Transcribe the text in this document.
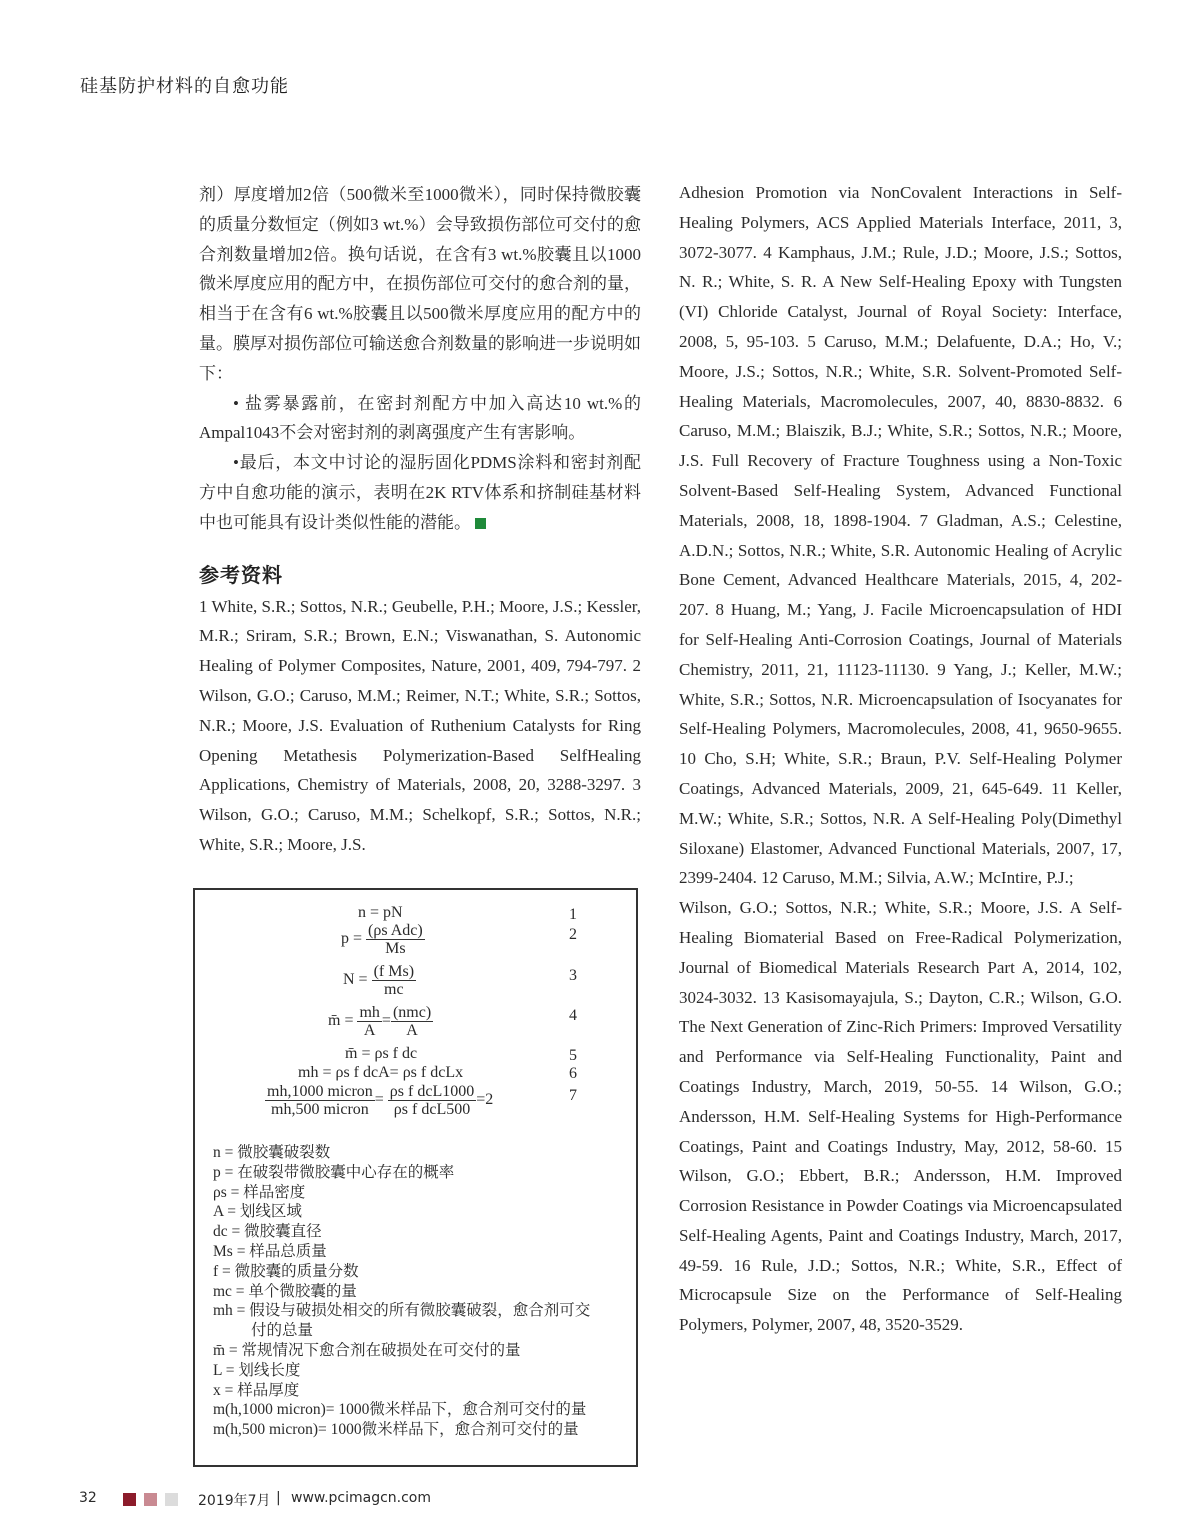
硅基防护材料的自愈功能

剂）厚度增加2倍（500微米至1000微米），同时保持微胶囊的质量分数恒定（例如3 wt.%）会导致损伤部位可交付的愈合剂数量增加2倍。换句话说，在含有3 wt.%胶囊且以1000微米厚度应用的配方中，在损伤部位可交付的愈合剂的量，相当于在含有6 wt.%胶囊且以500微米厚度应用的配方中的量。膜厚对损伤部位可输送愈合剂数量的影响进一步说明如下：

• 盐雾暴露前，在密封剂配方中加入高达10 wt.%的Ampal1043不会对密封剂的剥离强度产生有害影响。

•最后，本文中讨论的湿肟固化PDMS涂料和密封剂配方中自愈功能的演示，表明在2K RTV体系和挤制硅基材料中也可能具有设计类似性能的潜能。

参考资料

1 White, S.R.; Sottos, N.R.; Geubelle, P.H.; Moore, J.S.; Kessler, M.R.; Sriram, S.R.; Brown, E.N.; Viswanathan, S. Autonomic Healing of Polymer Composites, Nature, 2001, 409, 794-797. 2 Wilson, G.O.; Caruso, M.M.; Reimer, N.T.; White, S.R.; Sottos, N.R.; Moore, J.S. Evaluation of Ruthenium Catalysts for Ring Opening Metathesis Polymerization-Based SelfHealing Applications, Chemistry of Materials, 2008, 20, 3288-3297. 3 Wilson, G.O.; Caruso, M.M.; Schelkopf, S.R.; Sottos, N.R.; White, S.R.; Moore, J.S.

Adhesion Promotion via NonCovalent Interactions in Self-Healing Polymers, ACS Applied Materials Interface, 2011, 3, 3072-3077. 4 Kamphaus, J.M.; Rule, J.D.; Moore, J.S.; Sottos, N. R.; White, S. R. A New Self-Healing Epoxy with Tungsten (VI) Chloride Catalyst, Journal of Royal Society: Interface, 2008, 5, 95-103. 5 Caruso, M.M.; Delafuente, D.A.; Ho, V.; Moore, J.S.; Sottos, N.R.; White, S.R. Solvent-Promoted Self-Healing Materials, Macromolecules, 2007, 40, 8830-8832. 6 Caruso, M.M.; Blaiszik, B.J.; White, S.R.; Sottos, N.R.; Moore, J.S. Full Recovery of Fracture Toughness using a Non-Toxic Solvent-Based Self-Healing System, Advanced Functional Materials, 2008, 18, 1898-1904. 7 Gladman, A.S.; Celestine, A.D.N.; Sottos, N.R.; White, S.R. Autonomic Healing of Acrylic Bone Cement, Advanced Healthcare Materials, 2015, 4, 202-207. 8 Huang, M.; Yang, J. Facile Microencapsulation of HDI for Self-Healing Anti-Corrosion Coatings, Journal of Materials Chemistry, 2011, 21, 11123-11130. 9 Yang, J.; Keller, M.W.; White, S.R.; Sottos, N.R. Microencapsulation of Isocyanates for Self-Healing Polymers, Macromolecules, 2008, 41, 9650-9655. 10 Cho, S.H; White, S.R.; Braun, P.V. Self-Healing Polymer Coatings, Advanced Materials, 2009, 21, 645-649. 11 Keller, M.W.; White, S.R.; Sottos, N.R. A Self-Healing Poly(Dimethyl Siloxane) Elastomer, Advanced Functional Materials, 2007, 17, 2399-2404. 12 Caruso, M.M.; Silvia, A.W.; McIntire, P.J.;

Wilson, G.O.; Sottos, N.R.; White, S.R.; Moore, J.S. A Self-Healing Biomaterial Based on Free-Radical Polymerization, Journal of Biomedical Materials Research Part A, 2014, 102, 3024-3032. 13 Kasisomayajula, S.; Dayton, C.R.; Wilson, G.O. The Next Generation of Zinc-Rich Primers: Improved Versatility and Performance via Self-Healing Functionality, Paint and Coatings Industry, March, 2019, 50-55. 14 Wilson, G.O.; Andersson, H.M. Self-Healing Systems for High-Performance Coatings, Paint and Coatings Industry, May, 2012, 58-60. 15 Wilson, G.O.; Ebbert, B.R.; Andersson, H.M. Improved Corrosion Resistance in Powder Coatings via Microencapsulated Self-Healing Agents, Paint and Coatings Industry, March, 2017, 49-59. 16 Rule, J.D.; Sottos, N.R.; White, S.R., Effect of Microcapsule Size on the Performance of Self-Healing Polymers, Polymer, 2007, 48, 3520-3529.

n = pN
$p = \frac{\text{(ρs Adc)}}{Ms}$
$N = \frac{\text{(f Ms)}}{mc}$
m̄ = $\frac{mh}{A} = \frac{\text{(nmc)}}{A}$
m̄ = ρs f dc
mh = ρs f dcA= ρs f dcLx
$\frac{\text{mh,1000 micron}}{\text{mh,500 micron}} = \frac{\text{ρs f dcL1000}}{\text{ρs f dcL500}} =2$
1
2
3
4
5
6
7
n = 微胶囊破裂数
p = 在破裂带微胶囊中心存在的概率
ρs = 样品密度
A = 划线区域
dc = 微胶囊直径
Ms = 样品总质量
f = 微胶囊的质量分数
mc = 单个微胶囊的量
mh = 假设与破损处相交的所有微胶囊破裂，愈合剂可交
付的总量
m̄ = 常规情况下愈合剂在破损处在可交付的量
L = 划线长度
x = 样品厚度
m(h,1000 micron)= 1000微米样品下，愈合剂可交付的量
m(h,500 micron)= 1000微米样品下，愈合剂可交付的量
32	2019年7月 | www.pcimagcn.com
